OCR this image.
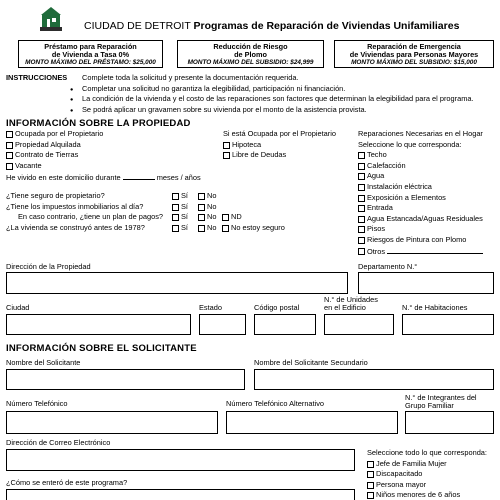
CIUDAD DE DETROIT Programas de Reparación de Viviendas Unifamiliares
Préstamo para Reparación
de Vivienda a Tasa 0%
MONTO MÁXIMO DEL PRÉSTAMO: $25,000
Reducción de Riesgo
de Plomo
MONTO MÁXIMO DEL SUBSIDIO: $24,999
Reparación de Emergencia
de Viviendas para Personas Mayores
MONTO MÁXIMO DEL SUBSIDIO: $15,000
INSTRUCCIONES	Complete toda la solicitud y presente la documentación requerida.
● Completar una solicitud no garantiza la elegibilidad, participación ni financiación.
● La condición de la vivienda y el costo de las reparaciones son factores que determinan la elegibilidad para el programa.
● Se podrá aplicar un gravamen sobre su vivienda por el monto de la asistencia provista.
INFORMACIÓN SOBRE LA PROPIEDAD
Ocupada por el Propietario
Propiedad Alquilada
Contrato de Tierras
Vacante
Si está Ocupada por el Propietario
Hipoteca
Libre de Deudas
He vivido en este domicilio durante	meses / años
¿Tiene seguro de propietario?	Sí	No
¿Tiene los impuestos inmobiliarios al día?	Sí	No
En caso contrario, ¿tiene un plan de pagos?	Sí	No	ND
¿La vivienda se construyó antes de 1978?	Sí	No	No estoy seguro
Reparaciones Necesarias en el Hogar
Seleccione lo que corresponda:
Techo
Calefacción
Agua
Instalación eléctrica
Exposición a Elementos
Entrada
Agua Estancada/Aguas Residuales
Pisos
Riesgos de Pintura con Plomo
Otros
Dirección de la Propiedad	Departamento N.°
Ciudad	Estado	Código postal
N.° de Unidades
en el Edificio	N.° de Habitaciones
INFORMACIÓN SOBRE EL SOLICITANTE
Nombre del Solicitante	Nombre del Solicitante Secundario
Número Telefónico	Número Telefónico Alternativo
N.° de Integrantes del
Grupo Familiar
Dirección de Correo Electrónico
¿Cómo se enteró de este programa?
Seleccione todo lo que corresponda:
Jefe de Familia Mujer
Discapacitado
Persona mayor
Niños menores de 6 años
